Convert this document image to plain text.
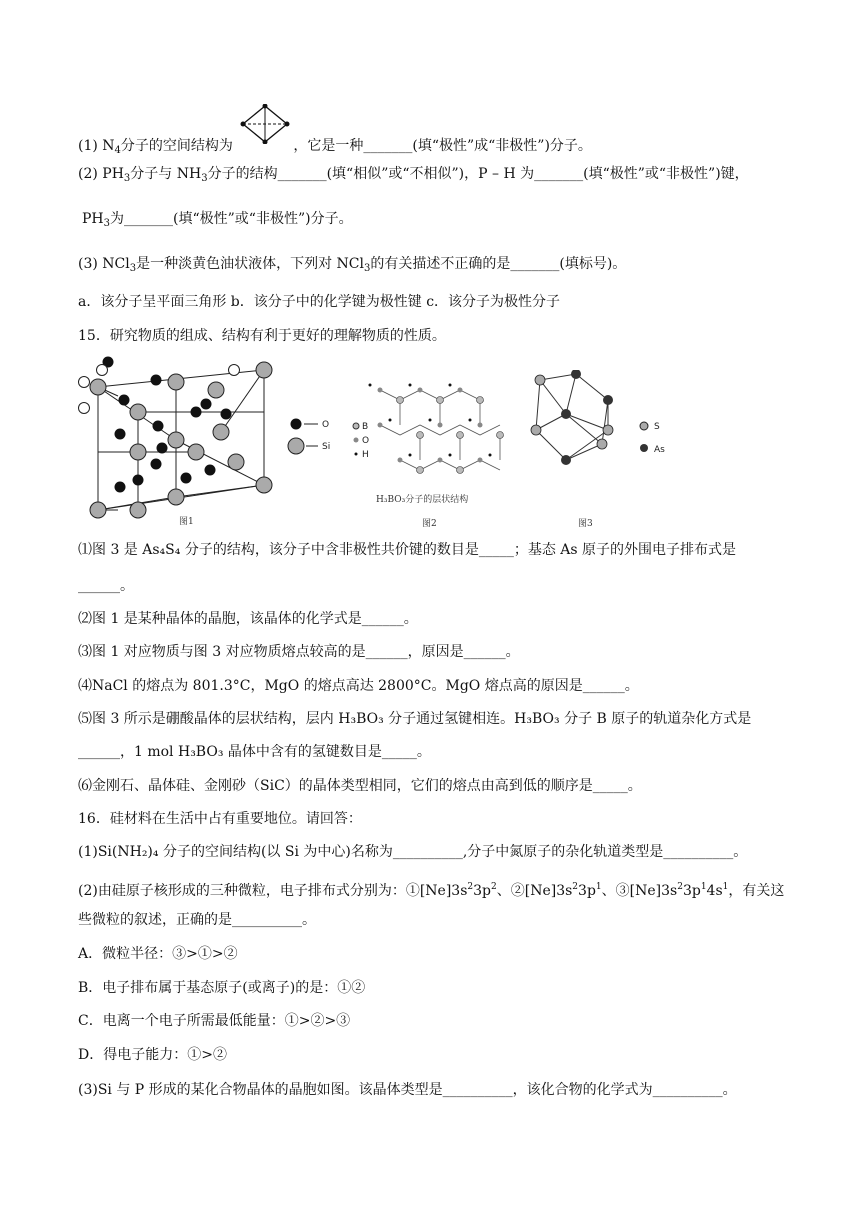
(1) $N_4$分子的空间结构为	，它是一种_______(填“极性”成“非极性”)分子。
(2) $PH_3$分子与 $NH_3$分子的结构_______(填“相似”或“不相似”)，P – H 为_______(填“极性”或“非极性”)键，
$PH_3$为_______(填“极性”或“非极性”)分子。
(3) NCl$_3$是一种淡黄色油状液体，下列对 NCl$_3$的有关描述不正确的是_______(填标号)。
a．该分子呈平面三角形 b．该分子中的化学键为极性键 c．该分子为极性分子
15．研究物质的组成、结构有利于更好的理解物质的性质。
图1
O
Si
B
O
H
H₃BO₃分子的层状结构
图2
S
As
图3
⑴图 3 是 As₄S₄ 分子的结构，该分子中含非极性共价键的数目是_____；基态 As 原子的外围电子排布式是
______。
⑵图 1 是某种晶体的晶胞，该晶体的化学式是______。
⑶图 1 对应物质与图 3 对应物质熔点较高的是______，原因是______。
⑷NaCl 的熔点为 801.3°C，MgO 的熔点高达 2800°C。MgO 熔点高的原因是______。
⑸图 3 所示是硼酸晶体的层状结构，层内 H₃BO₃ 分子通过氢键相连。H₃BO₃ 分子 B 原子的轨道杂化方式是
______，1 mol H₃BO₃ 晶体中含有的氢键数目是_____。
⑹金刚石、晶体硅、金刚砂（SiC）的晶体类型相同，它们的熔点由高到低的顺序是_____。
16．硅材料在生活中占有重要地位。请回答：
(1)Si(NH₂)₄ 分子的空间结构(以 Si 为中心)名称为__________,分子中氮原子的杂化轨道类型是__________。
(2)由硅原子核形成的三种微粒，电子排布式分别为：$①[Ne]3s^23p^2$、$②[Ne]3s^23p^1$、$③[Ne]3s^23p^14s^1$，有关这
些微粒的叙述，正确的是__________。
A．微粒半径：③>①>②
B．电子排布属于基态原子(或离子)的是：①②
C．电离一个电子所需最低能量：①>②>③
D．得电子能力：①>②
(3)Si 与 P 形成的某化合物晶体的晶胞如图。该晶体类型是__________，该化合物的化学式为__________。
